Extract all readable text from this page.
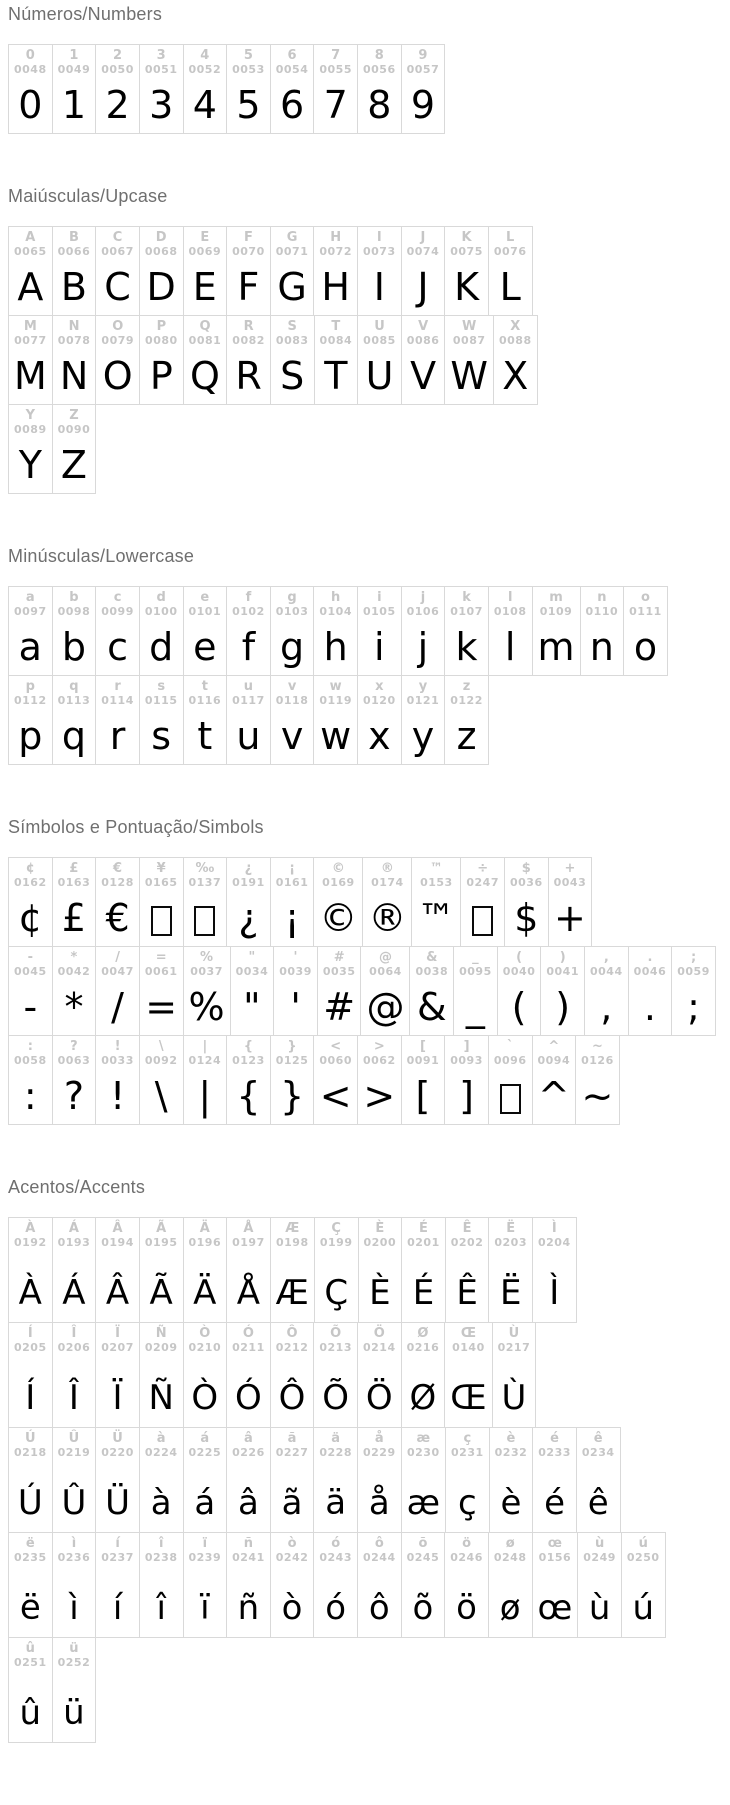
Números/Numbers
0
0048
0
1
0049
1
2
0050
2
3
0051
3
4
0052
4
5
0053
5
6
0054
6
7
0055
7
8
0056
8
9
0057
9
Maiúsculas/Upcase
A
0065
A
B
0066
B
C
0067
C
D
0068
D
E
0069
E
F
0070
F
G
0071
G
H
0072
H
I
0073
I
J
0074
J
K
0075
K
L
0076
L
M
0077
M
N
0078
N
O
0079
O
P
0080
P
Q
0081
Q
R
0082
R
S
0083
S
T
0084
T
U
0085
U
V
0086
V
W
0087
W
X
0088
X
Y
0089
Y
Z
0090
Z
Minúsculas/Lowercase
a
0097
a
b
0098
b
c
0099
c
d
0100
d
e
0101
e
f
0102
f
g
0103
g
h
0104
h
i
0105
i
j
0106
j
k
0107
k
l
0108
l
m
0109
m
n
0110
n
o
0111
o
p
0112
p
q
0113
q
r
0114
r
s
0115
s
t
0116
t
u
0117
u
v
0118
v
w
0119
w
x
0120
x
y
0121
y
z
0122
z
Símbolos e Pontuação/Simbols
¢
0162
¢
£
0163
£
€
0128
€
¥
0165
‰
0137
¿
0191
¿
¡
0161
¡
©
0169
©
®
0174
®
™
0153
™
÷
0247
$
0036
$
+
0043
+
-
0045
-
*
0042
*
/
0047
/
=
0061
=
%
0037
%
"
0034
"
'
0039
'
#
0035
#
@
0064
@
&
0038
&
_
0095
_
(
0040
(
)
0041
)
,
0044
,
.
0046
.
;
0059
;
:
0058
:
?
0063
?
!
0033
!
\
0092
\
|
0124
|
{
0123
{
}
0125
}
<
0060
<
>
0062
>
[
0091
[
]
0093
]
`
0096
^
0094
^
~
0126
~
Acentos/Accents
À
0192
À
Á
0193
Á
Â
0194
Â
Ã
0195
Ã
Ä
0196
Ä
Å
0197
Å
Æ
0198
Æ
Ç
0199
Ç
È
0200
È
É
0201
É
Ê
0202
Ê
Ë
0203
Ë
Ì
0204
Ì
Í
0205
Í
Î
0206
Î
Ï
0207
Ï
Ñ
0209
Ñ
Ò
0210
Ò
Ó
0211
Ó
Ô
0212
Ô
Õ
0213
Õ
Ö
0214
Ö
Ø
0216
Ø
Œ
0140
Œ
Ù
0217
Ù
Ú
0218
Ú
Û
0219
Û
Ü
0220
Ü
à
0224
à
á
0225
á
â
0226
â
ã
0227
ã
ä
0228
ä
å
0229
å
æ
0230
æ
ç
0231
ç
è
0232
è
é
0233
é
ê
0234
ê
ë
0235
ë
ì
0236
ì
í
0237
í
î
0238
î
ï
0239
ï
ñ
0241
ñ
ò
0242
ò
ó
0243
ó
ô
0244
ô
õ
0245
õ
ö
0246
ö
ø
0248
ø
œ
0156
œ
ù
0249
ù
ú
0250
ú
û
0251
û
ü
0252
ü
